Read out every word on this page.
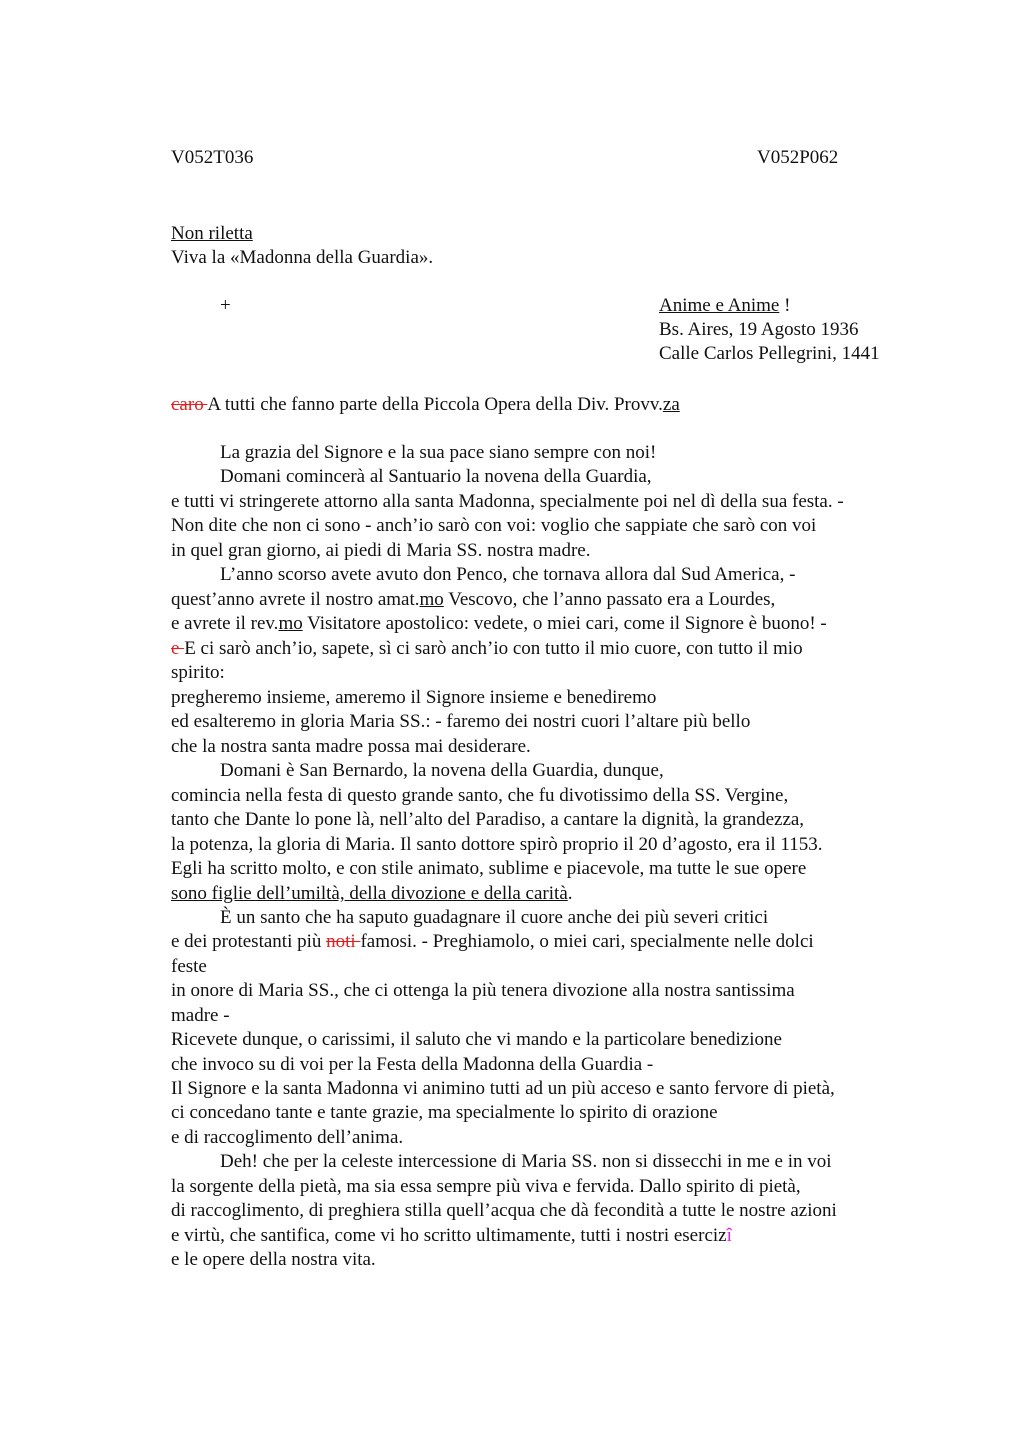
V052T036	V052P062
Non riletta
Viva la «Madonna della Guardia».
+	Anime e Anime !
Bs. Aires, 19 Agosto 1936
Calle Carlos Pellegrini, 1441
caro A tutti che fanno parte della Piccola Opera della Div. Provv.za
La grazia del Signore e la sua pace siano sempre con noi!
Domani comincerà al Santuario la novena della Guardia,
e tutti vi stringerete attorno alla santa Madonna, specialmente poi nel dì della sua festa. -
Non dite che non ci sono - anch’io sarò con voi: voglio che sappiate che sarò con voi
in quel gran giorno, ai piedi di Maria SS. nostra madre.
L’anno scorso avete avuto don Penco, che tornava allora dal Sud America, -
quest’anno avrete il nostro amat.mo Vescovo, che l’anno passato era a Lourdes,
e avrete il rev.mo Visitatore apostolico: vedete, o miei cari, come il Signore è buono! -
e E ci sarò anch’io, sapete, sì ci sarò anch’io con tutto il mio cuore, con tutto il mio
spirito:
pregheremo insieme, ameremo il Signore insieme e benediremo
ed esalteremo in gloria Maria SS.: - faremo dei nostri cuori l’altare più bello
che la nostra santa madre possa mai desiderare.
Domani è San Bernardo, la novena della Guardia, dunque,
comincia nella festa di questo grande santo, che fu divotissimo della SS. Vergine,
tanto che Dante lo pone là, nell’alto del Paradiso, a cantare la dignità, la grandezza,
la potenza, la gloria di Maria. Il santo dottore spirò proprio il 20 d’agosto, era il 1153.
Egli ha scritto molto, e con stile animato, sublime e piacevole, ma tutte le sue opere
sono figlie dell’umiltà, della divozione e della carità.
È un santo che ha saputo guadagnare il cuore anche dei più severi critici
e dei protestanti più noti famosi. - Preghiamolo, o miei cari, specialmente nelle dolci
feste
in onore di Maria SS., che ci ottenga la più tenera divozione alla nostra santissima
madre -
Ricevete dunque, o carissimi, il saluto che vi mando e la particolare benedizione
che invoco su di voi per la Festa della Madonna della Guardia -
Il Signore e la santa Madonna vi animino tutti ad un più acceso e santo fervore di pietà,
ci concedano tante e tante grazie, ma specialmente lo spirito di orazione
e di raccoglimento dell’anima.
Deh! che per la celeste intercessione di Maria SS. non si dissecchi in me e in voi
la sorgente della pietà, ma sia essa sempre più viva e fervida. Dallo spirito di pietà,
di raccoglimento, di preghiera stilla quell’acqua che dà fecondità a tutte le nostre azioni
e virtù, che santifica, come vi ho scritto ultimamente, tutti i nostri esercizî
e le opere della nostra vita.
